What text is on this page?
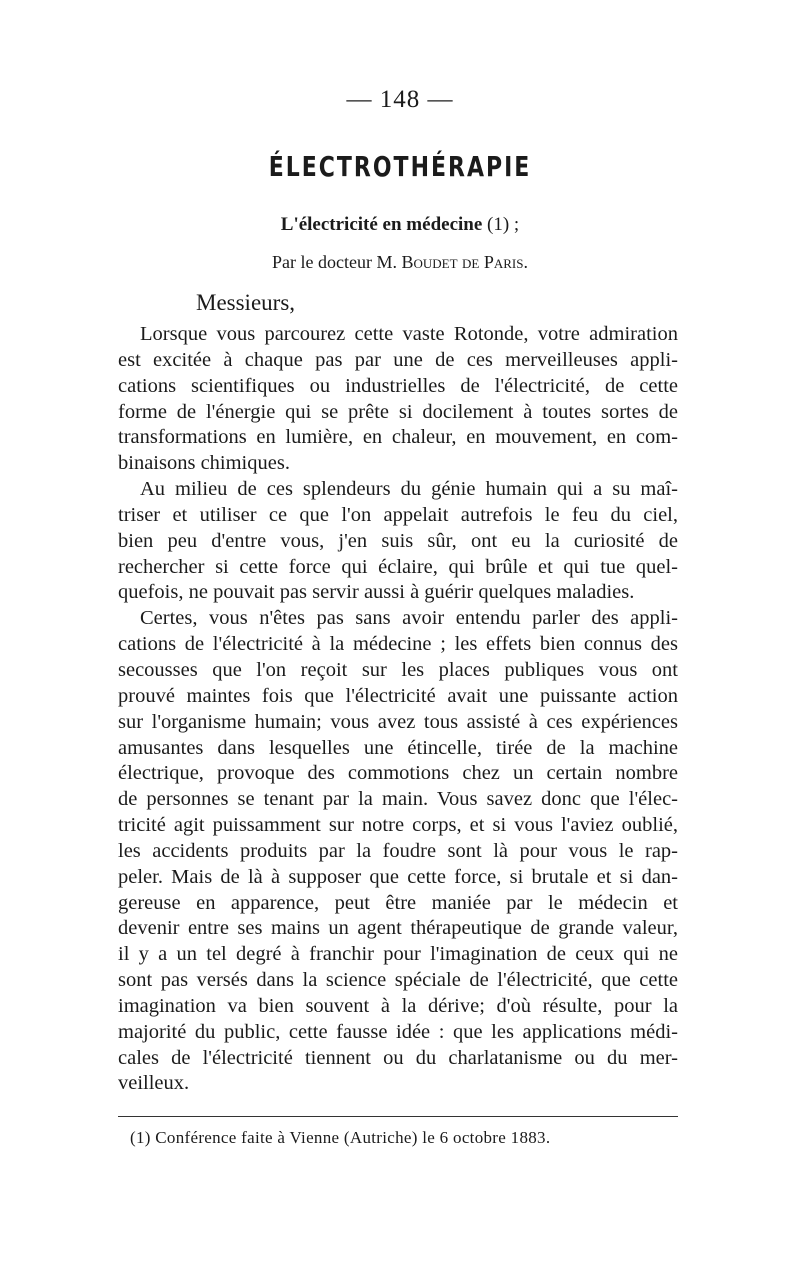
— 148 —
ÉLECTROTHÉRAPIE
L'électricité en médecine (1) ;
Par le docteur M. Boudet de Paris.
Messieurs,
Lorsque vous parcourez cette vaste Rotonde, votre admiration
est excitée à chaque pas par une de ces merveilleuses appli-
cations scientifiques ou industrielles de l'électricité, de cette
forme de l'énergie qui se prête si docilement à toutes sortes de
transformations en lumière, en chaleur, en mouvement, en com-
binaisons chimiques.
Au milieu de ces splendeurs du génie humain qui a su maî-
triser et utiliser ce que l'on appelait autrefois le feu du ciel,
bien peu d'entre vous, j'en suis sûr, ont eu la curiosité de
rechercher si cette force qui éclaire, qui brûle et qui tue quel-
quefois, ne pouvait pas servir aussi à guérir quelques maladies.
Certes, vous n'êtes pas sans avoir entendu parler des appli-
cations de l'électricité à la médecine ; les effets bien connus des
secousses que l'on reçoit sur les places publiques vous ont
prouvé maintes fois que l'électricité avait une puissante action
sur l'organisme humain; vous avez tous assisté à ces expériences
amusantes dans lesquelles une étincelle, tirée de la machine
électrique, provoque des commotions chez un certain nombre
de personnes se tenant par la main. Vous savez donc que l'élec-
tricité agit puissamment sur notre corps, et si vous l'aviez oublié,
les accidents produits par la foudre sont là pour vous le rap-
peler. Mais de là à supposer que cette force, si brutale et si dan-
gereuse en apparence, peut être maniée par le médecin et
devenir entre ses mains un agent thérapeutique de grande valeur,
il y a un tel degré à franchir pour l'imagination de ceux qui ne
sont pas versés dans la science spéciale de l'électricité, que cette
imagination va bien souvent à la dérive; d'où résulte, pour la
majorité du public, cette fausse idée : que les applications médi-
cales de l'électricité tiennent ou du charlatanisme ou du mer-
veilleux.
(1) Conférence faite à Vienne (Autriche) le 6 octobre 1883.
